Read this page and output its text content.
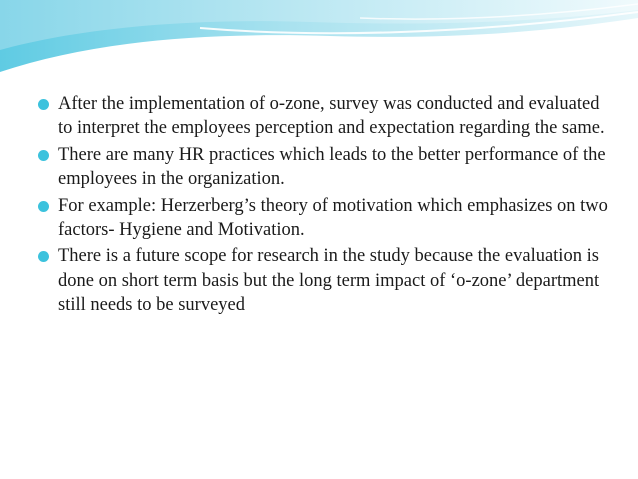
After the implementation of o-zone, survey was conducted and evaluated to interpret the employees perception and expectation regarding the same.
There are many HR practices which leads to the better performance of the employees in the organization.
For example: Herzerberg’s theory of motivation which emphasizes on two factors- Hygiene and Motivation.
There is a future scope for research in the study because the evaluation is done on short term basis but the long term impact of ‘o-zone’ department still needs to be surveyed
